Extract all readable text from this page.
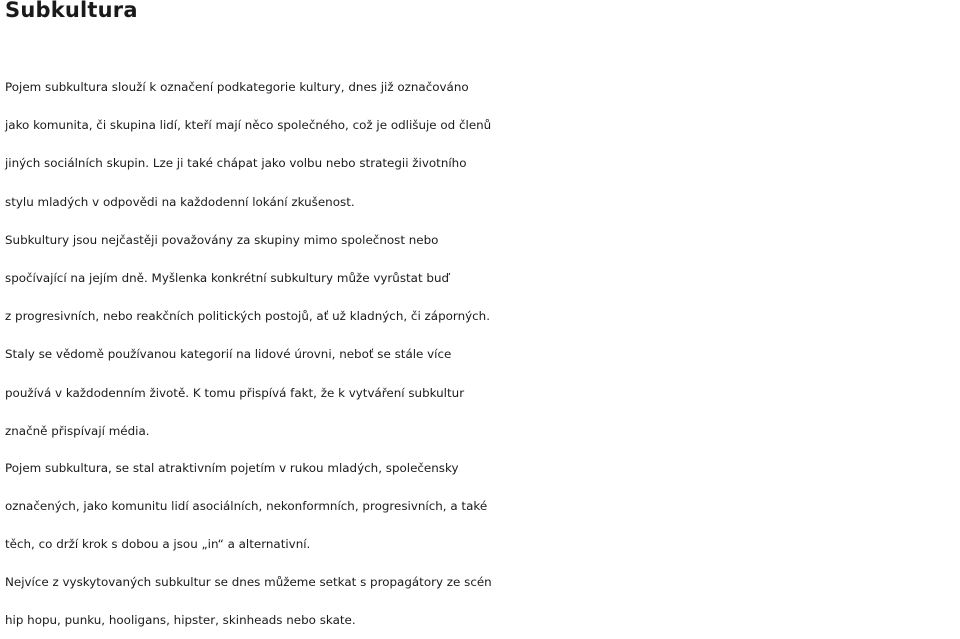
Subkultura

Pojem subkultura slouží k označení podkategorie kultury, dnes již označováno
jako komunita, či skupina lidí, kteří mají něco společného, což je odlišuje od členů
jiných sociálních skupin. Lze ji také chápat jako volbu nebo strategii životního
stylu mladých v odpovědi na každodenní lokání zkušenost.
Subkultury jsou nejčastěji považovány za skupiny mimo společnost nebo
spočívající na jejím dně. Myšlenka konkrétní subkultury může vyrůstat buď
z progresivních, nebo reakčních politických postojů, ať už kladných, či záporných.
Staly se vědomě používanou kategorií na lidové úrovni, neboť se stále více
používá v každodenním životě. K tomu přispívá fakt, že k vytváření subkultur
značně přispívají média.

Pojem subkultura, se stal atraktivním pojetím v rukou mladých, společensky
označených, jako komunitu lidí asociálních, nekonformních, progresivních, a také
těch, co drží krok s dobou a jsou „in“ a alternativní.

Nejvíce z vyskytovaných subkultur se dnes můžeme setkat s propagátory ze scén
hip hopu, punku, hooligans, hipster, skinheads nebo skate.
